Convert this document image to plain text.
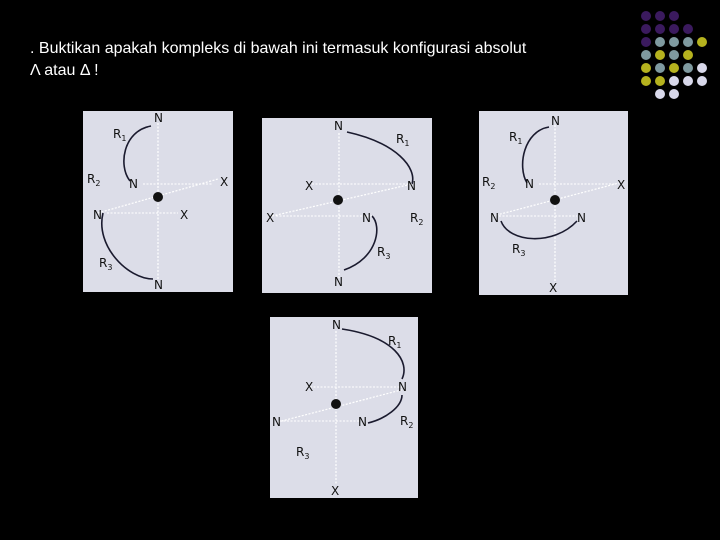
. Buktikan apakah kompleks di bawah ini termasuk konfigurasi absolut
Λ atau Δ !
N
$R_1$
$R_2$ N	X
N	X
$R_3$
N
N
$R_1$
X	N
X	N	$R_2$
$R_3$
N
N
$R_1$
$R_2$ N	X
N	N
$R_3$
X
N
$R_1$
X	N
N	N	$R_2$
$R_3$
X
